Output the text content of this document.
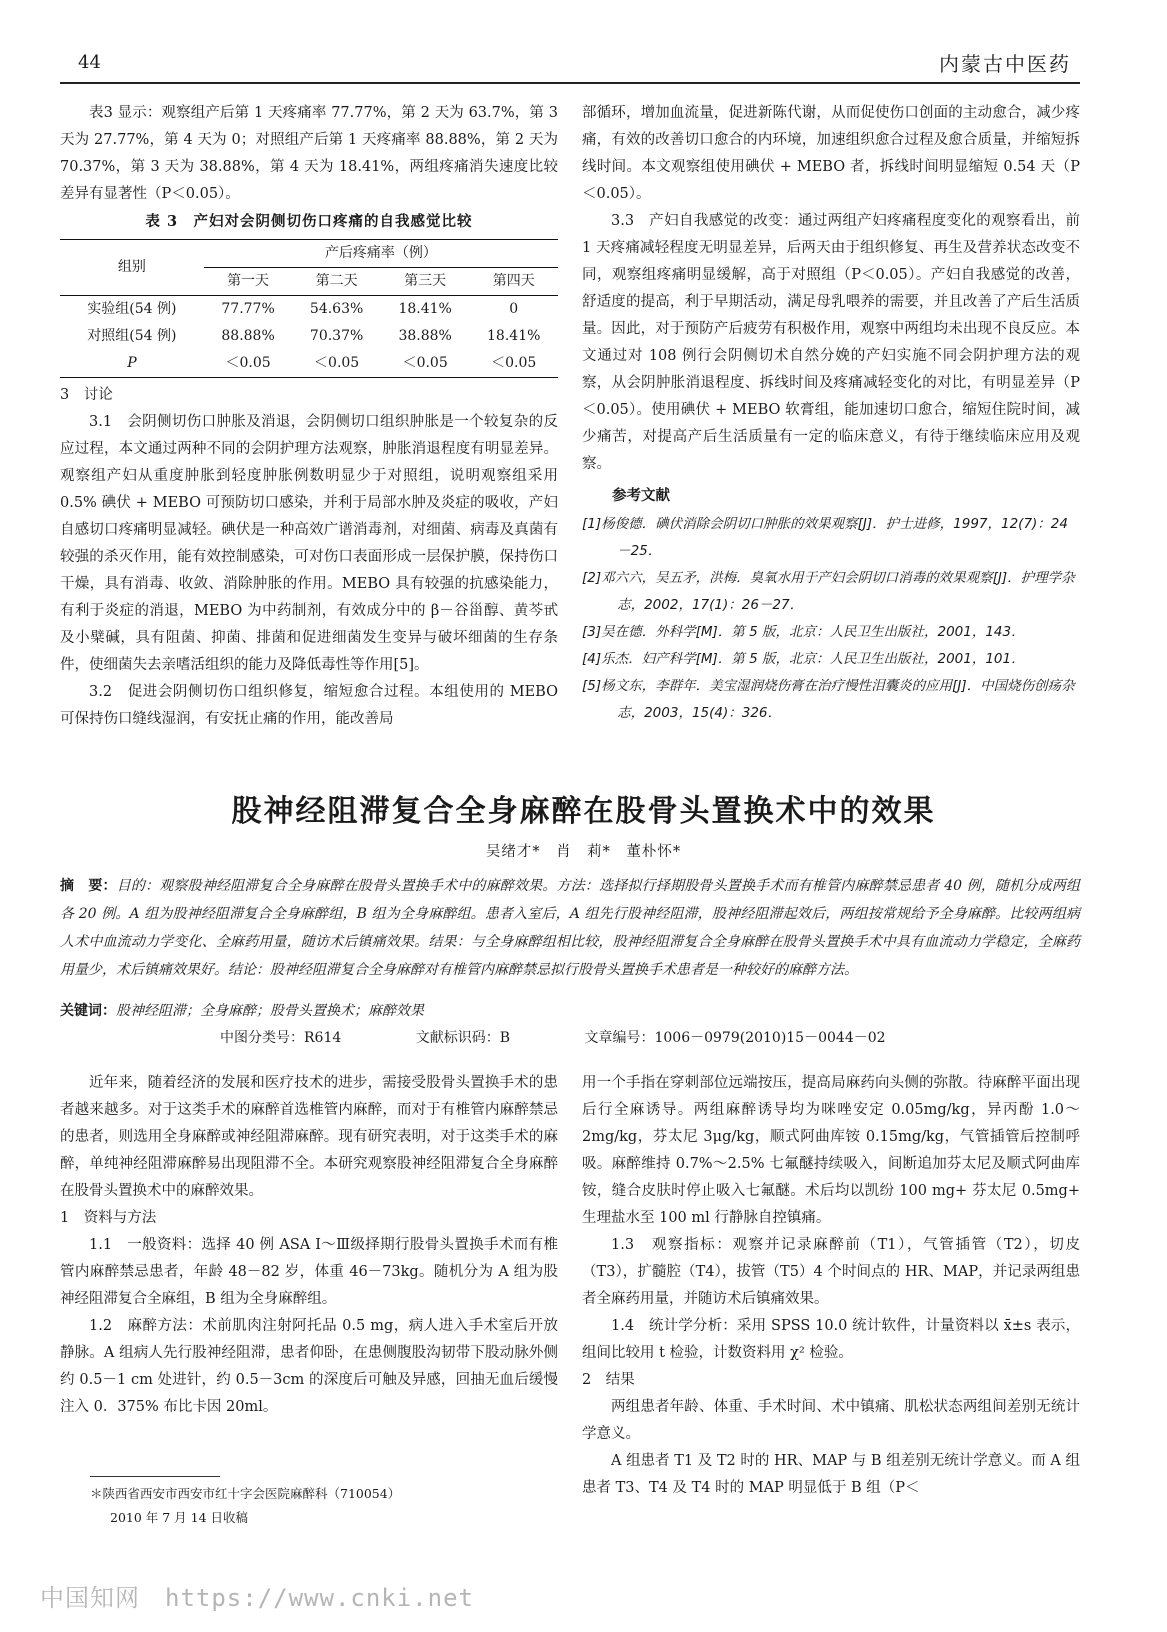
44	内蒙古中医药

表3 显示：观察组产后第 1 天疼痛率 77.77%，第 2 天为 63.7%，第 3 天为 27.77%，第 4 天为 0；对照组产后第 1 天疼痛率 88.88%，第 2 天为 70.37%，第 3 天为 38.88%，第 4 天为 18.41%，两组疼痛消失速度比较差异有显著性（P＜0.05）。

表 3　产妇对会阴侧切伤口疼痛的自我感觉比较
组别	产后疼痛率（例）			
	第一天	第二天	第三天	第四天
实验组(54 例)	77.77%	54.63%	18.41%	0
对照组(54 例)	88.88%	70.37%	38.88%	18.41%
P	＜0.05	＜0.05	＜0.05	＜0.05
3　讨论

3.1　会阴侧切伤口肿胀及消退，会阴侧切口组织肿胀是一个较复杂的反应过程，本文通过两种不同的会阴护理方法观察，肿胀消退程度有明显差异。观察组产妇从重度肿胀到轻度肿胀例数明显少于对照组，说明观察组采用 0.5% 碘伏 + MEBO 可预防切口感染，并利于局部水肿及炎症的吸收，产妇自感切口疼痛明显减轻。碘伏是一种高效广谱消毒剂，对细菌、病毒及真菌有较强的杀灭作用，能有效控制感染，可对伤口表面形成一层保护膜，保持伤口干燥，具有消毒、收敛、消除肿胀的作用。MEBO 具有较强的抗感染能力，有利于炎症的消退，MEBO 为中药制剂，有效成分中的 β－谷甾醇、黄芩甙及小檗碱，具有阻菌、抑菌、排菌和促进细菌发生变异与破坏细菌的生存条件，使细菌失去亲嗜活组织的能力及降低毒性等作用[5]。

3.2　促进会阴侧切伤口组织修复，缩短愈合过程。本组使用的 MEBO 可保持伤口缝线湿润，有安抚止痛的作用，能改善局

部循环，增加血流量，促进新陈代谢，从而促使伤口创面的主动愈合，减少疼痛，有效的改善切口愈合的内环境，加速组织愈合过程及愈合质量，并缩短拆线时间。本文观察组使用碘伏 + MEBO 者，拆线时间明显缩短 0.54 天（P＜0.05）。

3.3　产妇自我感觉的改变：通过两组产妇疼痛程度变化的观察看出，前 1 天疼痛减轻程度无明显差异，后两天由于组织修复、再生及营养状态改变不同，观察组疼痛明显缓解，高于对照组（P＜0.05）。产妇自我感觉的改善，舒适度的提高，利于早期活动，满足母乳喂养的需要，并且改善了产后生活质量。因此，对于预防产后疲劳有积极作用，观察中两组均未出现不良反应。本文通过对 108 例行会阴侧切术自然分娩的产妇实施不同会阴护理方法的观察，从会阴肿胀消退程度、拆线时间及疼痛减轻变化的对比，有明显差异（P＜0.05）。使用碘伏 + MEBO 软膏组，能加速切口愈合，缩短住院时间，减少痛苦，对提高产后生活质量有一定的临床意义，有待于继续临床应用及观察。

参考文献
[1]杨俊德．碘伏消除会阴切口肿胀的效果观察[J]．护士进修，1997，12(7)：24－25．
[2]邓六六，吴五矛，洪梅．臭氧水用于产妇会阴切口消毒的效果观察[J]．护理学杂志，2002，17(1)：26－27．
[3]吴在德．外科学[M]．第 5 版，北京：人民卫生出版社，2001，143．
[4]乐杰．妇产科学[M]．第 5 版，北京：人民卫生出版社，2001，101．
[5]杨文东，李群年．美宝湿润烧伤膏在治疗慢性泪囊炎的应用[J]．中国烧伤创疡杂志，2003，15(4)：326．
股神经阻滞复合全身麻醉在股骨头置换术中的效果
吴绪才*　肖　莉*　董朴怀*
摘　要：目的：观察股神经阻滞复合全身麻醉在股骨头置换手术中的麻醉效果。方法：选择拟行择期股骨头置换手术而有椎管内麻醉禁忌患者 40 例，随机分成两组各 20 例。A 组为股神经阻滞复合全身麻醉组，B 组为全身麻醉组。患者入室后，A 组先行股神经阻滞，股神经阻滞起效后，两组按常规给予全身麻醉。比较两组病人术中血流动力学变化、全麻药用量，随访术后镇痛效果。结果：与全身麻醉组相比较，股神经阻滞复合全身麻醉在股骨头置换手术中具有血流动力学稳定，全麻药用量少，术后镇痛效果好。结论：股神经阻滞复合全身麻醉对有椎管内麻醉禁忌拟行股骨头置换手术患者是一种较好的麻醉方法。
关键词：股神经阻滞；全身麻醉；股骨头置换术；麻醉效果
中图分类号：R614	文献标识码：B	文章编号：1006－0979(2010)15－0044－02

近年来，随着经济的发展和医疗技术的进步，需接受股骨头置换手术的患者越来越多。对于这类手术的麻醉首选椎管内麻醉，而对于有椎管内麻醉禁忌的患者，则选用全身麻醉或神经阻滞麻醉。现有研究表明，对于这类手术的麻醉，单纯神经阻滞麻醉易出现阻滞不全。本研究观察股神经阻滞复合全身麻醉在股骨头置换术中的麻醉效果。

1　资料与方法

1.1　一般资料：选择 40 例 ASA Ⅰ～Ⅲ级择期行股骨头置换手术而有椎管内麻醉禁忌患者，年龄 48－82 岁，体重 46－73kg。随机分为 A 组为股神经阻滞复合全麻组，B 组为全身麻醉组。

1.2　麻醉方法：术前肌肉注射阿托品 0.5 mg，病人进入手术室后开放静脉。A 组病人先行股神经阻滞，患者仰卧，在患侧腹股沟韧带下股动脉外侧约 0.5－1 cm 处进针，约 0.5－3cm 的深度后可触及异感，回抽无血后缓慢注入 0．375% 布比卡因 20ml。

用一个手指在穿刺部位远端按压，提高局麻药向头侧的弥散。待麻醉平面出现后行全麻诱导。两组麻醉诱导均为咪唑安定 0.05mg/kg，异丙酚 1.0～2mg/kg，芬太尼 3μg/kg，顺式阿曲库铵 0.15mg/kg，气管插管后控制呼吸。麻醉维持 0.7%～2.5% 七氟醚持续吸入，间断追加芬太尼及顺式阿曲库铵，缝合皮肤时停止吸入七氟醚。术后均以凯纷 100 mg+ 芬太尼 0.5mg+ 生理盐水至 100 ml 行静脉自控镇痛。

1.3　观察指标：观察并记录麻醉前（T1），气管插管（T2），切皮（T3），扩髓腔（T4），拔管（T5）4 个时间点的 HR、MAP，并记录两组患者全麻药用量，并随访术后镇痛效果。

1.4　统计学分析：采用 SPSS 10.0 统计软件，计量资料以 x̄±s 表示，组间比较用 t 检验，计数资料用 χ² 检验。

2　结果

两组患者年龄、体重、手术时间、术中镇痛、肌松状态两组间差别无统计学意义。

A 组患者 T1 及 T2 时的 HR、MAP 与 B 组差别无统计学意义。而 A 组患者 T3、T4 及 T4 时的 MAP 明显低于 B 组（P＜

＊陕西省西安市西安市红十字会医院麻醉科（710054）
2010 年 7 月 14 日收稿
中国知网　https://www.cnki.net
